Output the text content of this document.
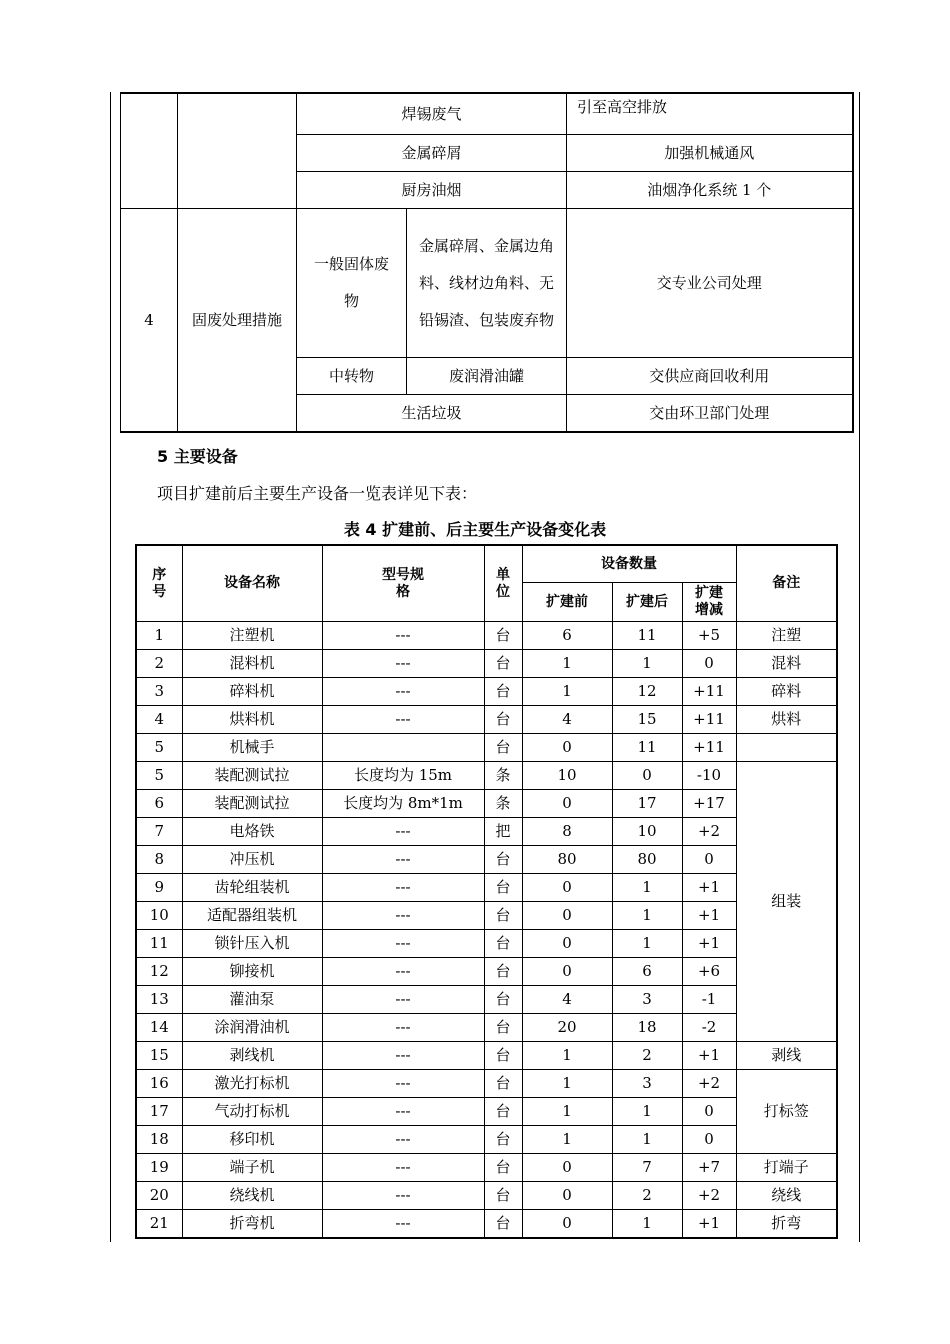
		焊锡废气		引至高空排放
		金属碎屑		加强机械通风
		厨房油烟		油烟净化系统 1 个
4	固废处理措施	一般固体废物	金属碎屑、金属边角料、线材边角料、无铅锡渣、包装废弃物	交专业公司处理
		中转物	废润滑油罐	交供应商回收利用
		生活垃圾		交由环卫部门处理
5 主要设备
项目扩建前后主要生产设备一览表详见下表：
表 4 扩建前、后主要生产设备变化表
序号	设备名称	型号规格	单位	设备数量			备注
				扩建前	扩建后	扩建增减	
1	注塑机	---	台	6	11	+5	注塑
2	混料机	---	台	1	1	0	混料
3	碎料机	---	台	1	12	+11	碎料
4	烘料机	---	台	4	15	+11	烘料
5	机械手		台	0	11	+11	
5	装配测试拉	长度均为 15m	条	10	0	-10	组装
6	装配测试拉	长度均为 8m*1m	条	0	17	+17	
7	电烙铁	---	把	8	10	+2	
8	冲压机	---	台	80	80	0	
9	齿轮组装机	---	台	0	1	+1	
10	适配器组装机	---	台	0	1	+1	
11	锁针压入机	---	台	0	1	+1	
12	铆接机	---	台	0	6	+6	
13	灌油泵	---	台	4	3	-1	
14	涂润滑油机	---	台	20	18	-2	
15	剥线机	---	台	1	2	+1	剥线
16	激光打标机	---	台	1	3	+2	打标签
17	气动打标机	---	台	1	1	0	
18	移印机	---	台	1	1	0	
19	端子机	---	台	0	7	+7	打端子
20	绕线机	---	台	0	2	+2	绕线
21	折弯机	---	台	0	1	+1	折弯
